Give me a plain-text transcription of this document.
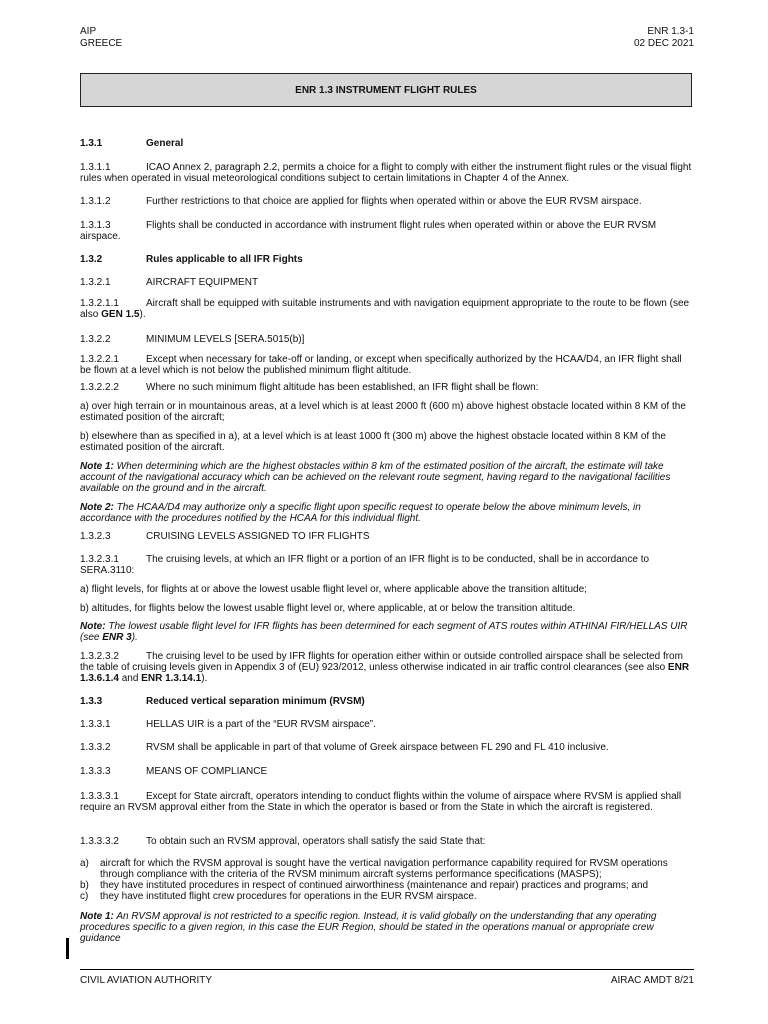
AIP
GREECE
ENR 1.3-1
02 DEC 2021
ENR 1.3 INSTRUMENT FLIGHT RULES
1.3.1	General
1.3.1.1	ICAO Annex 2, paragraph 2.2, permits a choice for a flight to comply with either the instrument flight rules or the visual flight rules when operated in visual meteorological conditions subject to certain limitations in Chapter 4 of the Annex.
1.3.1.2	Further restrictions to that choice are applied for flights when operated within or above the EUR RVSM airspace.
1.3.1.3	Flights shall be conducted in accordance with instrument flight rules when operated within or above the EUR RVSM airspace.
1.3.2	Rules applicable to all IFR Fights
1.3.2.1	AIRCRAFT EQUIPMENT
1.3.2.1.1	Aircraft shall be equipped with suitable instruments and with navigation equipment appropriate to the route to be flown (see also GEN 1.5).
1.3.2.2	MINIMUM LEVELS [SERA.5015(b)]
1.3.2.2.1	Except when necessary for take-off or landing, or except when specifically authorized by the HCAA/D4, an IFR flight shall be flown at a level which is not below the published minimum flight altitude.
1.3.2.2.2	Where no such minimum flight altitude has been established, an IFR flight shall be flown:
a) over high terrain or in mountainous areas, at a level which is at least 2000 ft (600 m) above highest obstacle located within 8 KM of the estimated position of the aircraft;
b) elsewhere than as specified in a), at a level which is at least 1000 ft (300 m) above the highest obstacle located within 8 KM of the estimated position of the aircraft.
Note 1: When determining which are the highest obstacles within 8 km of the estimated position of the aircraft, the estimate will take account of the navigational accuracy which can be achieved on the relevant route segment, having regard to the navigational facilities available on the ground and in the aircraft.
Note 2: The HCAA/D4 may authorize only a specific flight upon specific request to operate below the above minimum levels, in accordance with the procedures notified by the HCAA for this individual flight.
1.3.2.3	CRUISING LEVELS ASSIGNED TO IFR FLIGHTS
1.3.2.3.1	The cruising levels, at which an IFR flight or a portion of an IFR flight is to be conducted, shall be in accordance to SERA.3110:
a) flight levels, for flights at or above the lowest usable flight level or, where applicable above the transition altitude;
b) altitudes, for flights below the lowest usable flight level or, where applicable, at or below the transition altitude.
Note: The lowest usable flight level for IFR flights has been determined for each segment of ATS routes within ATHINAI FIR/HELLAS UIR (see ENR 3).
1.3.2.3.2	The cruising level to be used by IFR flights for operation either within or outside controlled airspace shall be selected from the table of cruising levels given in Appendix 3 of (EU) 923/2012, unless otherwise indicated in air traffic control clearances (see also ENR 1.3.6.1.4 and ENR 1.3.14.1).
1.3.3	Reduced vertical separation minimum (RVSM)
1.3.3.1	HELLAS UIR is a part of the “EUR RVSM airspace”.
1.3.3.2	RVSM shall be applicable in part of that volume of Greek airspace between FL 290 and FL 410 inclusive.
1.3.3.3	MEANS OF COMPLIANCE
1.3.3.3.1	Except for State aircraft, operators intending to conduct flights within the volume of airspace where RVSM is applied shall require an RVSM approval either from the State in which the operator is based or from the State in which the aircraft is registered.
1.3.3.3.2	To obtain such an RVSM approval, operators shall satisfy the said State that:
a) aircraft for which the RVSM approval is sought have the vertical navigation performance capability required for RVSM operations through compliance with the criteria of the RVSM minimum aircraft systems performance specifications (MASPS);
b) they have instituted procedures in respect of continued airworthiness (maintenance and repair) practices and programs; and
c) they have instituted flight crew procedures for operations in the EUR RVSM airspace.
Note 1: An RVSM approval is not restricted to a specific region. Instead, it is valid globally on the understanding that any operating procedures specific to a given region, in this case the EUR Region, should be stated in the operations manual or appropriate crew guidance
CIVIL AVIATION AUTHORITY	AIRAC AMDT 8/21
